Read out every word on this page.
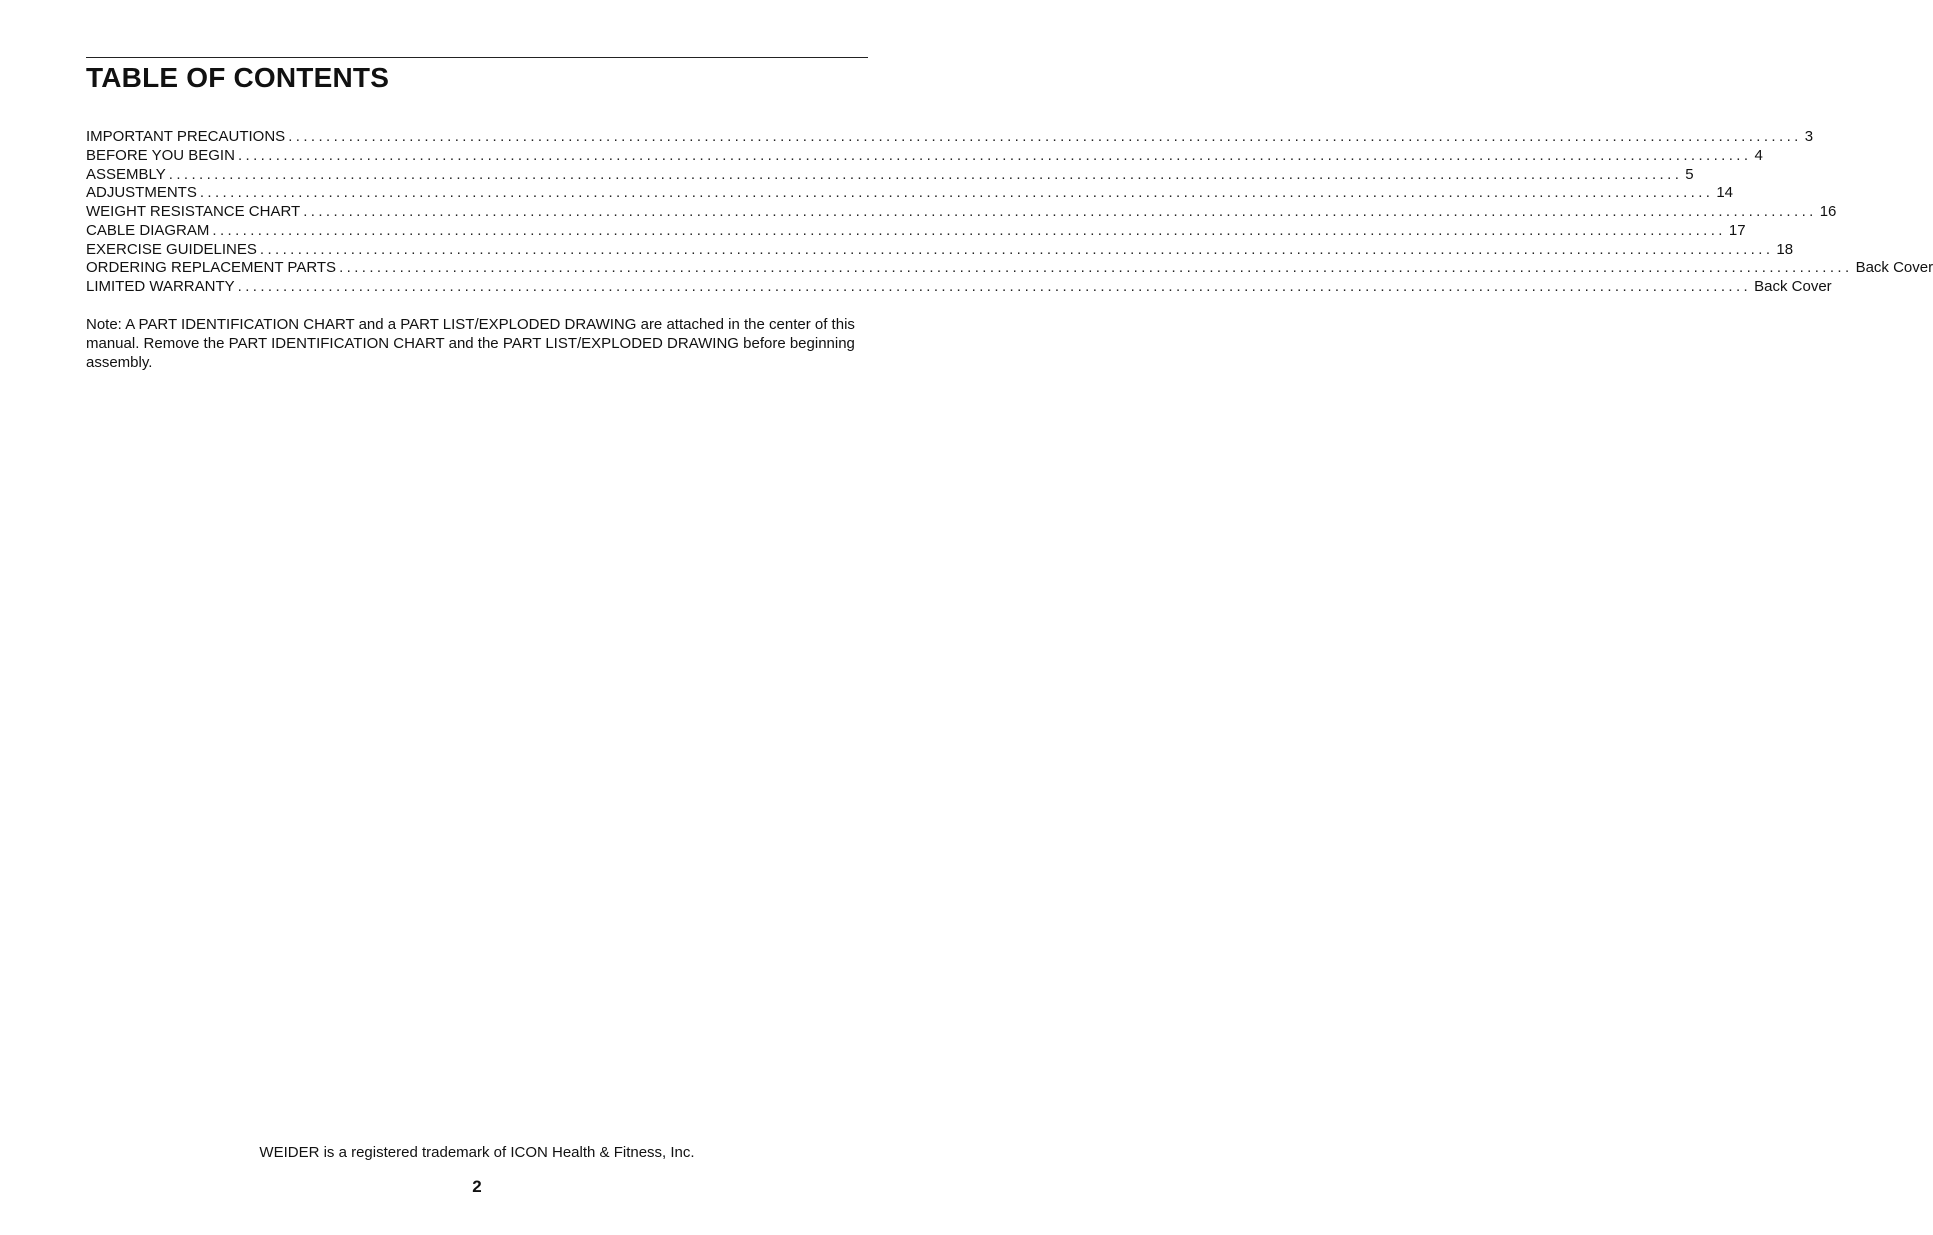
TABLE OF CONTENTS
IMPORTANT PRECAUTIONS ........................................................................................................................................................................................................ 3
BEFORE YOU BEGIN ........................................................................................................................................................................................................ 4
ASSEMBLY ........................................................................................................................................................................................................ 5
ADJUSTMENTS ........................................................................................................................................................................................................ 14
WEIGHT RESISTANCE CHART ........................................................................................................................................................................................................ 16
CABLE DIAGRAM ........................................................................................................................................................................................................ 17
EXERCISE GUIDELINES ........................................................................................................................................................................................................ 18
ORDERING REPLACEMENT PARTS ........................................................................................................................................................................................................ Back Cover
LIMITED WARRANTY ........................................................................................................................................................................................................ Back Cover

Note: A PART IDENTIFICATION CHART and a PART LIST/EXPLODED DRAWING are attached in the center of this manual. Remove the PART IDENTIFICATION CHART and the PART LIST/EXPLODED DRAWING before beginning assembly.

WEIDER is a registered trademark of ICON Health & Fitness, Inc.

2
